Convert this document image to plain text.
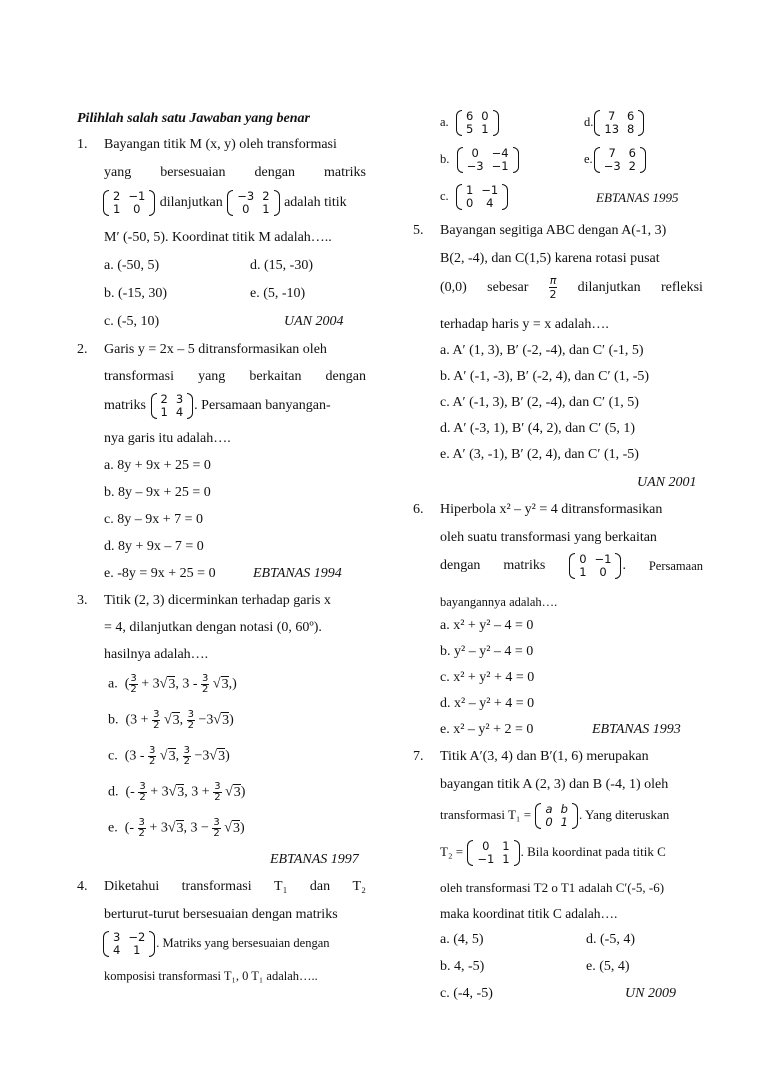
Pilihlah salah satu Jawaban yang benar
1. Bayangan titik M (x, y) oleh transformasi
yang bersesuaian dengan matriks
2	−1
1	0 dilanjutkan −3	2
0	1 adalah titik
M′ (-50, 5). Koordinat titik M adalah…..
a. (-50, 5)	d. (15, -30)
b. (-15, 30)	e. (5, -10)
c. (-5, 10)	UAN 2004
2. Garis y = 2x – 5 ditransformasikan oleh
transformasi yang berkaitan dengan
matriks 2	3
1	4 . Persamaan banyangan-
nya garis itu adalah….
a. 8y + 9x + 25 = 0
b. 8y – 9x + 25 = 0
c. 8y – 9x + 7 = 0
d. 8y + 9x – 7 = 0
e. -8y = 9x + 25 = 0	EBTANAS 1994
3. Titik (2, 3) dicerminkan terhadap garis x
= 4, dilanjutkan dengan notasi (0, 60º).
hasilnya adalah….
a.  ( $\frac{3}{2} + 3√3$, $3 - \frac{3}{2} √3$,)
b.  ($3 + \frac{3}{2} √3$, $\frac{3}{2} -3√3$)
c.  ($3 - \frac{3}{2} √3$, $\frac{3}{2} -3√3$)
d.  (- $\frac{3}{2} + 3√3$, $3 + \frac{3}{2} √3$)
e.  (- $\frac{3}{2} + 3√3$, $3 - \frac{3}{2} √3$)
EBTANAS 1997
4. Diketahui transformasi T₁ dan T₂
berturut-turut bersesuaian dengan matriks
3	−2
4	1
. Matriks yang bersesuaian dengan
komposisi transformasi T₁, 0 T₁ adalah…..
a. 6	0
5	1
d. 7	6
13	8
b. 0	−4
−3	−1
e. 7	6
−3	2
c. 1	−1
0	4	EBTANAS 1995
5. Bayangan segitiga ABC dengan A(-1, 3)
B(2, -4), dan C(1,5) karena rotasi pusat
(0,0) sebesar $\frac{\pi}{2}$ dilanjutkan refleksi
terhadap haris y = x adalah….
a. A′ (1, 3), B′ (-2, -4), dan C′ (-1, 5)
b. A′ (-1, -3), B′ (-2, 4), dan C′ (1, -5)
c. A′ (-1, 3), B′ (2, -4), dan C′ (1, 5)
d. A′ (-3, 1), B′ (4, 2), dan C′ (5, 1)
e. A′ (3, -1), B′ (2, 4), dan C′ (1, -5)
UAN 2001
6. Hiperbola x² – y² = 4 ditransformasikan
oleh suatu transformasi yang berkaitan
dengan matriks	0	−1
1	0 . Persamaan
bayangannya adalah….
a. x² + y² – 4 = 0
b. y² – y² – 4 = 0
c. x² + y² + 4 = 0
d. x² – y² + 4 = 0
e. x² – y² + 2 = 0	EBTANAS 1993
7. Titik A′(3, 4) dan B′(1, 6) merupakan
bayangan titik A (2, 3) dan B (-4, 1) oleh
transformasi T₁ = a	b
0	1
. Yang diteruskan
T₂ = 0	1
−1	1
. Bila koordinat pada titik C
oleh transformasi T2 o T1 adalah C′(-5, -6)
maka koordinat titik C adalah….
a. (4, 5)	d. (-5, 4)
b. 4, -5)	e. (5, 4)
c. (-4, -5)	UN 2009
